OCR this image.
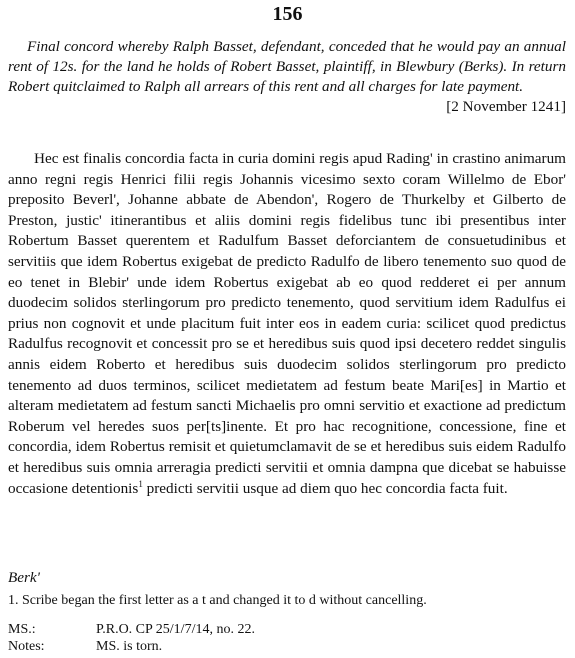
156

Final concord whereby Ralph Basset, defendant, conceded that he would pay an annual rent of 12s. for the land he holds of Robert Basset, plaintiff, in Blewbury (Berks). In return Robert quitclaimed to Ralph all arrears of this rent and all charges for late payment.
[2 November 1241]

Hec est finalis concordia facta in curia domini regis apud Rading' in crastino animarum anno regni regis Henrici filii regis Johannis vicesimo sexto coram Willelmo de Ebor' preposito Beverl', Johanne abbate de Abendon', Rogero de Thurkelby et Gilberto de Preston, justic' itinerantibus et aliis domini regis fidelibus tunc ibi presentibus inter Robertum Basset querentem et Radulfum Basset deforciantem de consuetudinibus et servitiis que idem Robertus exigebat de predicto Radulfo de libero tenemento suo quod de eo tenet in Blebir' unde idem Robertus exigebat ab eo quod redderet ei per annum duodecim solidos sterlingorum pro predicto tenemento, quod servitium idem Radulfus ei prius non cognovit et unde placitum fuit inter eos in eadem curia: scilicet quod predictus Radulfus recognovit et concessit pro se et heredibus suis quod ipsi decetero reddet singulis annis eidem Roberto et heredibus suis duodecim solidos sterlingorum pro predicto tenemento ad duos terminos, scilicet medietatem ad festum beate Mari[es] in Martio et alteram medietatem ad festum sancti Michaelis pro omni servitio et exactione ad predictum Roberum vel heredes suos per[ts]inente. Et pro hac recognitione, concessione, fine et concordia, idem Robertus remisit et quietumclamavit de se et heredibus suis eidem Radulfo et heredibus suis omnia arreragia predicti servitii et omnia dampna que dicebat se habuisse occasione detentionis$^1$ predicti servitii usque ad diem quo hec concordia facta fuit.

Berk'
1. Scribe began the first letter as a t and changed it to d without cancelling.
MS.:	P.R.O. CP 25/1/7/14, no. 22.
Notes:	MS. is torn.
